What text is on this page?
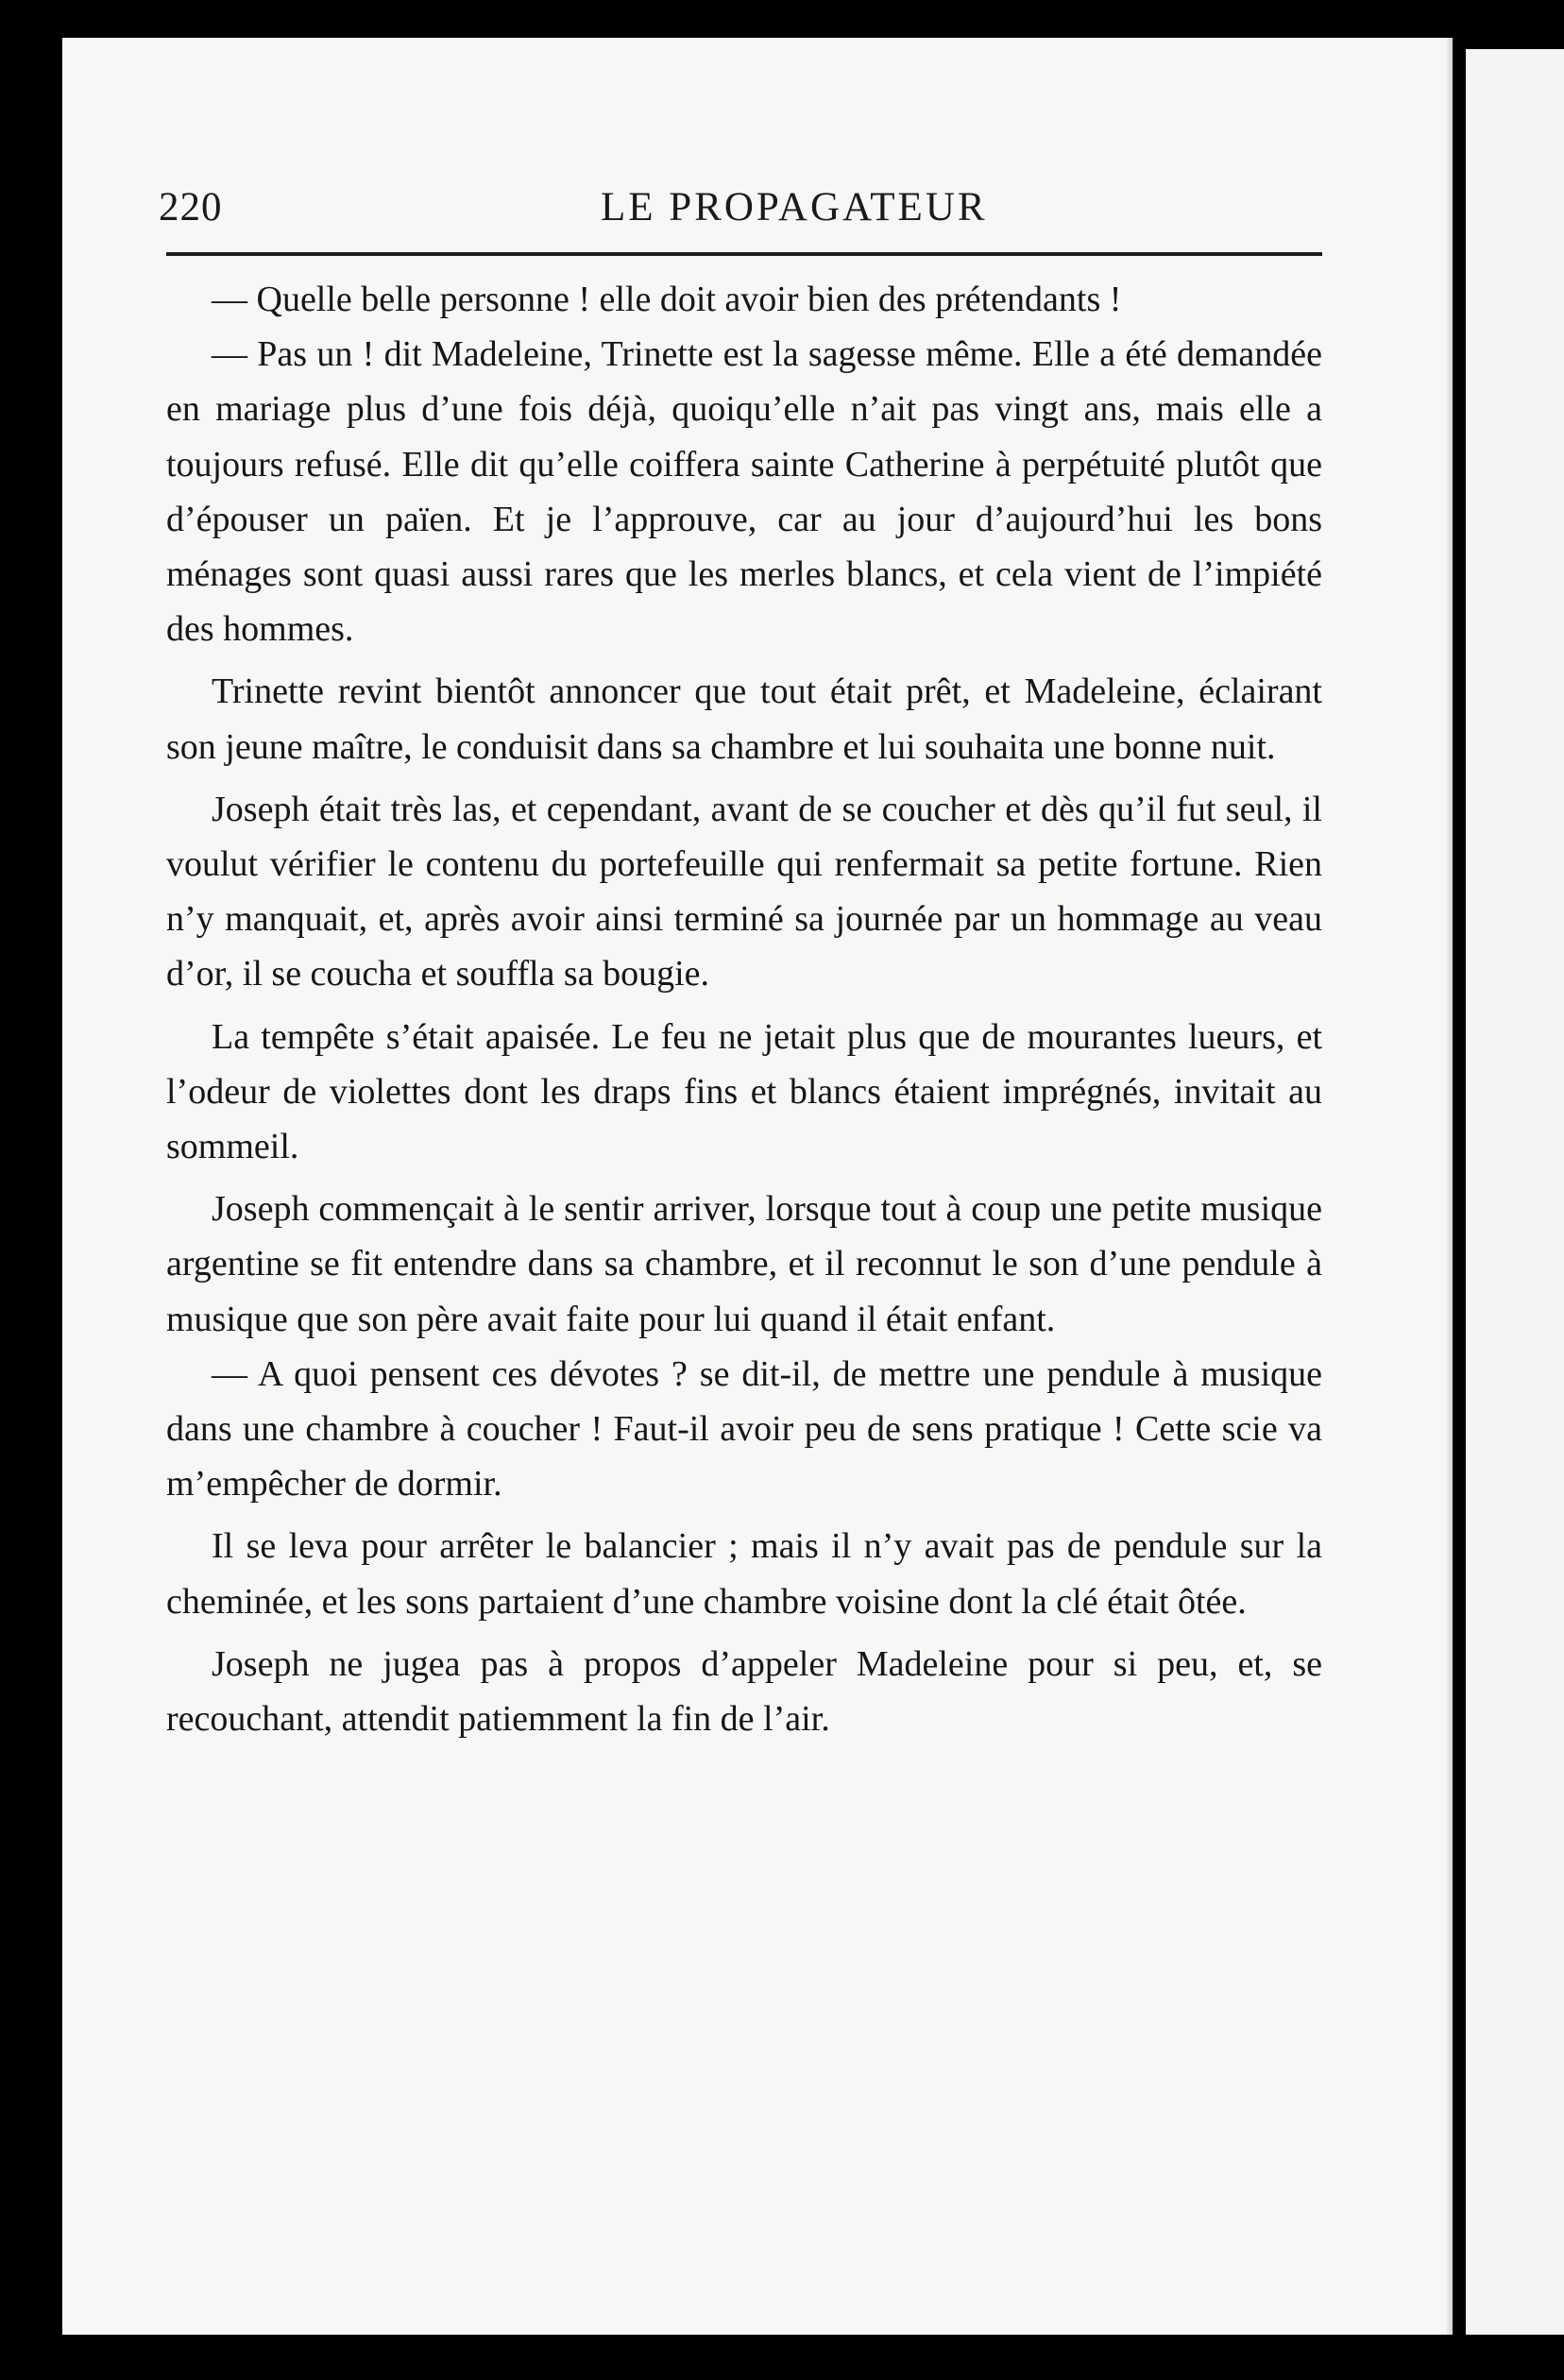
220	LE PROPAGATEUR

— Quelle belle personne ! elle doit avoir bien des prétendants !

— Pas un ! dit Madeleine, Trinette est la sagesse même. Elle a été demandée en mariage plus d’une fois déjà, quoiqu’elle n’ait pas vingt ans, mais elle a toujours refusé. Elle dit qu’elle coiffera sainte Catherine à perpétuité plutôt que d’épouser un païen. Et je l’approuve, car au jour d’aujourd’hui les bons ménages sont quasi aussi rares que les merles blancs, et cela vient de l’impiété des hommes.

Trinette revint bientôt annoncer que tout était prêt, et Madeleine, éclairant son jeune maître, le conduisit dans sa chambre et lui souhaita une bonne nuit.

Joseph était très las, et cependant, avant de se coucher et dès qu’il fut seul, il voulut vérifier le contenu du portefeuille qui renfermait sa petite fortune. Rien n’y manquait, et, après avoir ainsi terminé sa journée par un hommage au veau d’or, il se coucha et souffla sa bougie.

La tempête s’était apaisée. Le feu ne jetait plus que de mourantes lueurs, et l’odeur de violettes dont les draps fins et blancs étaient imprégnés, invitait au sommeil.

Joseph commençait à le sentir arriver, lorsque tout à coup une petite musique argentine se fit entendre dans sa chambre, et il reconnut le son d’une pendule à musique que son père avait faite pour lui quand il était enfant.

— A quoi pensent ces dévotes ? se dit-il, de mettre une pendule à musique dans une chambre à coucher ! Faut-il avoir peu de sens pratique ! Cette scie va m’empêcher de dormir.

Il se leva pour arrêter le balancier ; mais il n’y avait pas de pendule sur la cheminée, et les sons partaient d’une chambre voisine dont la clé était ôtée.

Joseph ne jugea pas à propos d’appeler Madeleine pour si peu, et, se recouchant, attendit patiemment la fin de l’air.
